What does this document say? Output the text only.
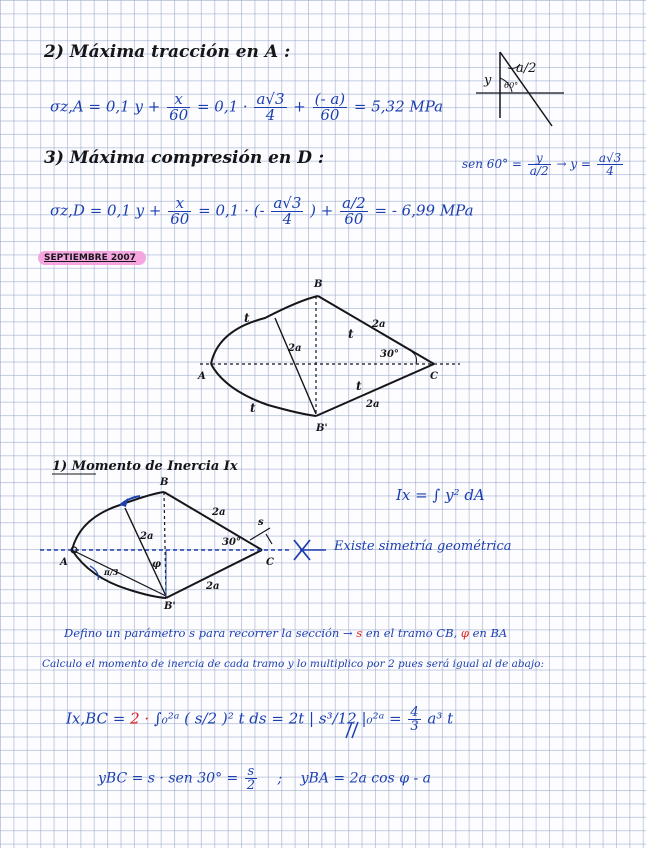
2) Máxima tracción en A :
σz,A = 0,1 $y + \frac{x}{60} = 0,1 \cdot \frac{a√3}{4} + \frac{(- a)}{60} = 5,32$ MPa
3) Máxima compresión en D :
σz,D = 0,1 $y + \frac{x}{60} = 0,1$ · (- $\frac{a√3}{4}$ ) + $\frac{a/2}{60}$ = - 6,99 MPa
a/2
y 60°
sen $60^\circ = \frac{y}{a/2} \to y = \frac{a√3}{4}$
SEPTIEMBRE 2007
B
A	C
B'
t
t
t
t
2a
2a
2a
30°
1) Momento de Inercia Ix
B
A	C
B'
2a
2a
2a
30°
s
φ
π/3
Ix = ∫ y² dA
Existe simetría geométrica
Defino un parámetro s para recorrer la sección → s en el tramo CB, φ en BA
Calculo el momento de inercia de cada tramo y lo multiplico por 2 pues será igual al de abajo:
Ix,BC = 2 · ∫₀²ᵃ ( s/2 )² t ds = 2t | s³/12 |₀²ᵃ = $\frac{4}{3} a^3$ t
yBC = s · sen $30^\circ = \frac{s}{2}$ ; yBA = 2a cos φ - a
